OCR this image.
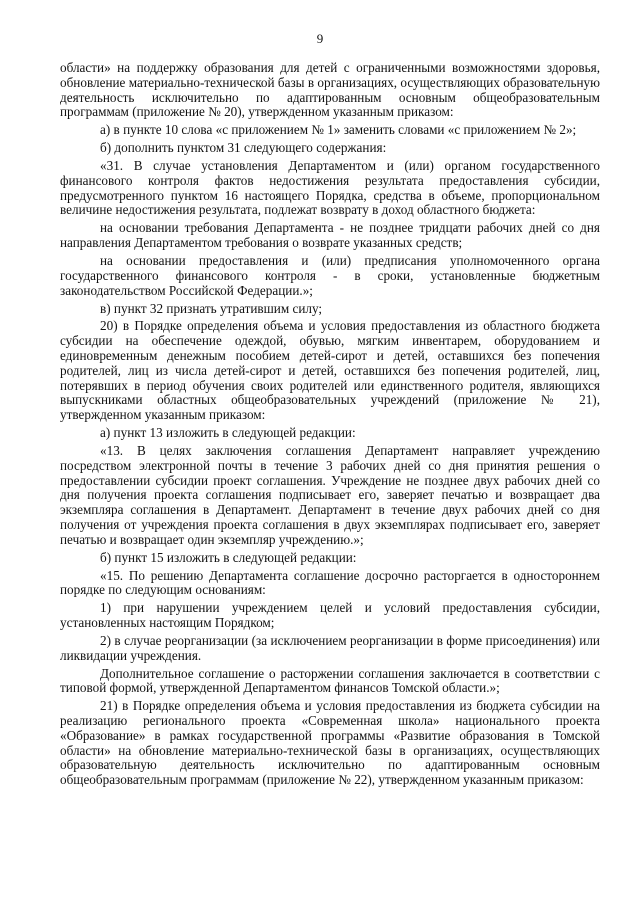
9

области» на поддержку образования для детей с ограниченными возможностями здоровья, обновление материально-технической базы в организациях, осуществляющих образовательную деятельность исключительно по адаптированным основным общеобразовательным программам (приложение № 20), утвержденном указанным приказом:

а) в пункте 10 слова «с приложением № 1» заменить словами «с приложением № 2»;

б) дополнить пунктом 31 следующего содержания:

«31. В случае установления Департаментом и (или) органом государственного финансового контроля фактов недостижения результата предоставления субсидии, предусмотренного пунктом 16 настоящего Порядка, средства в объеме, пропорциональном величине недостижения результата, подлежат возврату в доход областного бюджета:

на основании требования Департамента - не позднее тридцати рабочих дней со дня направления Департаментом требования о возврате указанных средств;

на основании предоставления и (или) предписания уполномоченного органа государственного финансового контроля - в сроки, установленные бюджетным законодательством Российской Федерации.»;

в) пункт 32 признать утратившим силу;

20) в Порядке определения объема и условия предоставления из областного бюджета субсидии на обеспечение одеждой, обувью, мягким инвентарем, оборудованием и единовременным денежным пособием детей-сирот и детей, оставшихся без попечения родителей, лиц из числа детей-сирот и детей, оставшихся без попечения родителей, лиц, потерявших в период обучения своих родителей или единственного родителя, являющихся выпускниками областных общеобразовательных учреждений (приложение № 21), утвержденном указанным приказом:

а) пункт 13 изложить в следующей редакции:

«13. В целях заключения соглашения Департамент направляет учреждению посредством электронной почты в течение 3 рабочих дней со дня принятия решения о предоставлении субсидии проект соглашения. Учреждение не позднее двух рабочих дней со дня получения проекта соглашения подписывает его, заверяет печатью и возвращает два экземпляра соглашения в Департамент. Департамент в течение двух рабочих дней со дня получения от учреждения проекта соглашения в двух экземплярах подписывает его, заверяет печатью и возвращает один экземпляр учреждению.»;

б) пункт 15 изложить в следующей редакции:

«15. По решению Департамента соглашение досрочно расторгается в одностороннем порядке по следующим основаниям:

1) при нарушении учреждением целей и условий предоставления субсидии, установленных настоящим Порядком;

2) в случае реорганизации (за исключением реорганизации в форме присоединения) или ликвидации учреждения.

Дополнительное соглашение о расторжении соглашения заключается в соответствии с типовой формой, утвержденной Департаментом финансов Томской области.»;

21) в Порядке определения объема и условия предоставления из бюджета субсидии на реализацию регионального проекта «Современная школа» национального проекта «Образование» в рамках государственной программы «Развитие образования в Томской области» на обновление материально-технической базы в организациях, осуществляющих образовательную деятельность исключительно по адаптированным основным общеобразовательным программам (приложение № 22), утвержденном указанным приказом:
